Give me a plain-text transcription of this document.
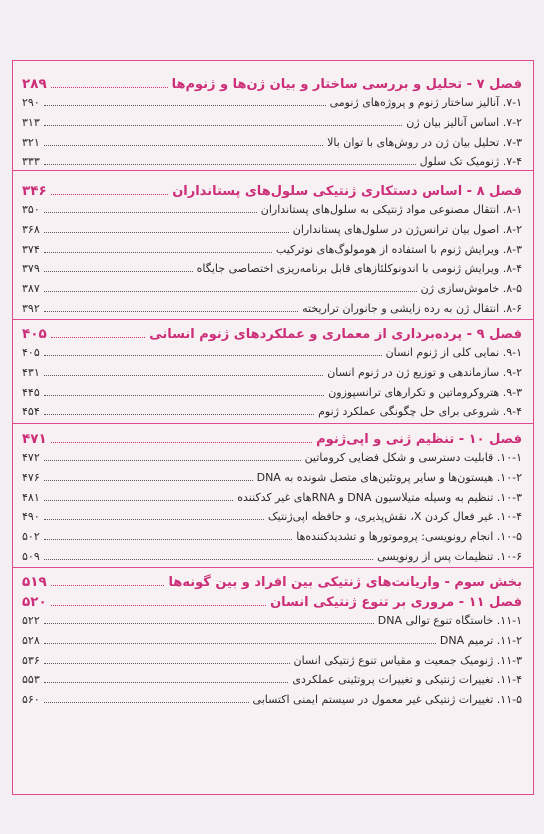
فصل ۷ - تحلیل و بررسی ساختار و بیان ژن‌ها و ژنوم‌ها
۲۸۹
۷-۱. آنالیز ساختار ژنوم و پروژه‌های ژنومی
۲۹۰
۷-۲. اساس آنالیز بیان ژن
۳۱۳
۷-۳. تحلیل بیان ژن در روش‌های با توان بالا
۳۲۱
۷-۴. ژنومیک تک سلول
۳۳۳
فصل ۸ - اساس دستکاری ژنتیکی سلول‌های پستانداران
۳۴۶
۸-۱. انتقال مصنوعی مواد ژنتیکی به سلول‌های پستانداران
۳۵۰
۸-۲. اصول بیان ترانس‌ژن در سلول‌های پستانداران
۳۶۸
۸-۳. ویرایش ژنوم با استفاده از هومولوگ‌های نوترکیب
۳۷۴
۸-۴. ویرایش ژنومی با اندونوکلئازهای قابل برنامه‌ریزی اختصاصی جایگاه
۳۷۹
۸-۵. خاموش‌سازی ژن
۳۸۷
۸-۶. انتقال ژن به رده زایشی و جانوران تراریخته
۳۹۲
فصل ۹ - پرده‌برداری از معماری و عملکردهای ژنوم انسانی
۴۰۵
۹-۱. نمایی کلی از ژنوم انسان
۴۰۵
۹-۲. سازماندهی و توزیع ژن در ژنوم انسان
۴۳۱
۹-۳. هتروکروماتین و تکرارهای ترانسپوزون
۴۴۵
۹-۴. شروعی برای حل چگونگی عملکرد ژنوم
۴۵۴
فصل ۱۰ - تنظیم ژنی و اپی‌ژنوم
۴۷۱
۱۰-۱. قابلیت دسترسی و شکل فضایی کروماتین
۴۷۲
۱۰-۲. هیستون‌ها و سایر پروتئین‌های متصل شونده به DNA
۴۷۶
۱۰-۳. تنظیم به وسیله متیلاسیون DNA و RNAهای غیر کدکننده
۴۸۱
۱۰-۴. غیر فعال کردن X، نقش‌پذیری، و حافظه اپی‌ژنتیک
۴۹۰
۱۰-۵. انجام رونویسی: پروموتورها و تشدیدکننده‌ها
۵۰۲
۱۰-۶. تنظیمات پس از رونویسی
۵۰۹
بخش سوم - واریانت‌های ژنتیکی بین افراد و بین گونه‌ها
۵۱۹
فصل ۱۱ - مروری بر تنوع ژنتیکی انسان
۵۲۰
۱۱-۱. خاستگاه تنوع توالی DNA
۵۲۲
۱۱-۲. ترمیم DNA
۵۲۸
۱۱-۳. ژنومیک جمعیت و مقیاس تنوع ژنتیکی انسان
۵۳۶
۱۱-۴. تغییرات ژنتیکی و تغییرات پروتئینی عملکردی
۵۵۳
۱۱-۵. تغییرات ژنتیکی غیر معمول در سیستم ایمنی اکتسابی
۵۶۰
